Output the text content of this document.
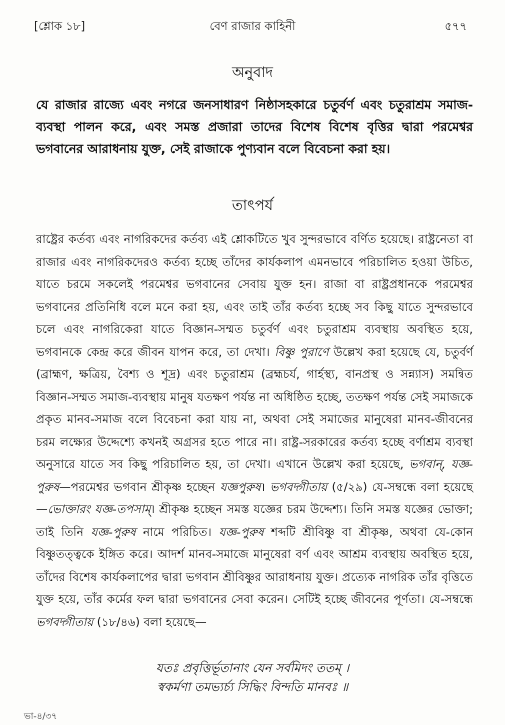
[শ্লোক ১৮]	বেণ রাজার কাহিনী	৫৭৭
অনুবাদ

যে রাজার রাজ্যে এবং নগরে জনসাধারণ নিষ্ঠাসহকারে চতুর্বর্ণ এবং চতুরাশ্রম সমাজ-ব্যবস্থা পালন করে, এবং সমস্ত প্রজারা তাদের বিশেষ বিশেষ বৃত্তির দ্বারা পরমেশ্বর ভগবানের আরাধনায় যুক্ত, সেই রাজাকে পুণ্যবান বলে বিবেচনা করা হয়।

তাৎপর্য

রাষ্ট্রের কর্তব্য এবং নাগরিকদের কর্তব্য এই শ্লোকটিতে খুব সুন্দরভাবে বর্ণিত হয়েছে। রাষ্ট্রনেতা বা রাজার এবং নাগরিকদেরও কর্তব্য হচ্ছে তাঁদের কার্যকলাপ এমনভাবে পরিচালিত হওয়া উচিত, যাতে চরমে সকলেই পরমেশ্বর ভগবানের সেবায় যুক্ত হন। রাজা বা রাষ্ট্রপ্রধানকে পরমেশ্বর ভগবানের প্রতিনিধি বলে মনে করা হয়, এবং তাই তাঁর কর্তব্য হচ্ছে সব কিছু যাতে সুন্দরভাবে চলে এবং নাগরিকেরা যাতে বিজ্ঞান-সম্মত চতুর্বর্ণ এবং চতুরাশ্রম ব্যবস্থায় অবস্থিত হয়ে, ভগবানকে কেন্দ্র করে জীবন যাপন করে, তা দেখা। বিষ্ণু পুরাণে উল্লেখ করা হয়েছে যে, চতুর্বর্ণ (ব্রাহ্মণ, ক্ষত্রিয়, বৈশ্য ও শূদ্র) এবং চতুরাশ্রম (ব্রহ্মচর্য, গার্হস্থ্য, বানপ্রস্থ ও সন্ন্যাস) সমন্বিত বিজ্ঞান-সম্মত সমাজ-ব্যবস্থায় মানুষ যতক্ষণ পর্যন্ত না অধিষ্ঠিত হচ্ছে, ততক্ষণ পর্যন্ত সেই সমাজকে প্রকৃত মানব-সমাজ বলে বিবেচনা করা যায় না, অথবা সেই সমাজের মানুষেরা মানব-জীবনের চরম লক্ষ্যের উদ্দেশ্যে কখনই অগ্রসর হতে পারে না। রাষ্ট্র-সরকারের কর্তব্য হচ্ছে বর্ণাশ্রম ব্যবস্থা অনুসারে যাতে সব কিছু পরিচালিত হয়, তা দেখা। এখানে উল্লেখ করা হয়েছে, ভগবান্, যজ্ঞ-পুরুষ—পরমেশ্বর ভগবান শ্রীকৃষ্ণ হচ্ছেন যজ্ঞপুরুষ। ভগবদ্গীতায় (৫/২৯) যে-সম্বন্ধে বলা হয়েছে—ভোক্তারং যজ্ঞ-তপসাম্। শ্রীকৃষ্ণ হচ্ছেন সমস্ত যজ্ঞের চরম উদ্দেশ্য। তিনি সমস্ত যজ্ঞের ভোক্তা; তাই তিনি যজ্ঞ-পুরুষ নামে পরিচিত। যজ্ঞ-পুরুষ শব্দটি শ্রীবিষ্ণু বা শ্রীকৃষ্ণ, অথবা যে-কোন বিষ্ণুতত্ত্বকে ইঙ্গিত করে। আদর্শ মানব-সমাজে মানুষেরা বর্ণ এবং আশ্রম ব্যবস্থায় অবস্থিত হয়ে, তাঁদের বিশেষ কার্যকলাপের দ্বারা ভগবান শ্রীবিষ্ণুর আরাধনায় যুক্ত। প্রত্যেক নাগরিক তাঁর বৃত্তিতে যুক্ত হয়ে, তাঁর কর্মের ফল দ্বারা ভগবানের সেবা করেন। সেটিই হচ্ছে জীবনের পূর্ণতা। যে-সম্বন্ধে ভগবদ্গীতায় (১৮/৪৬) বলা হয়েছে—

যতঃ প্রবৃত্তির্ভূতানাং যেন সর্বমিদং ততম্ ।
স্বকর্মণা তমভ্যর্চ্য সিদ্ধিং বিন্দতি মানবঃ ॥
ভা-৪/৩৭
